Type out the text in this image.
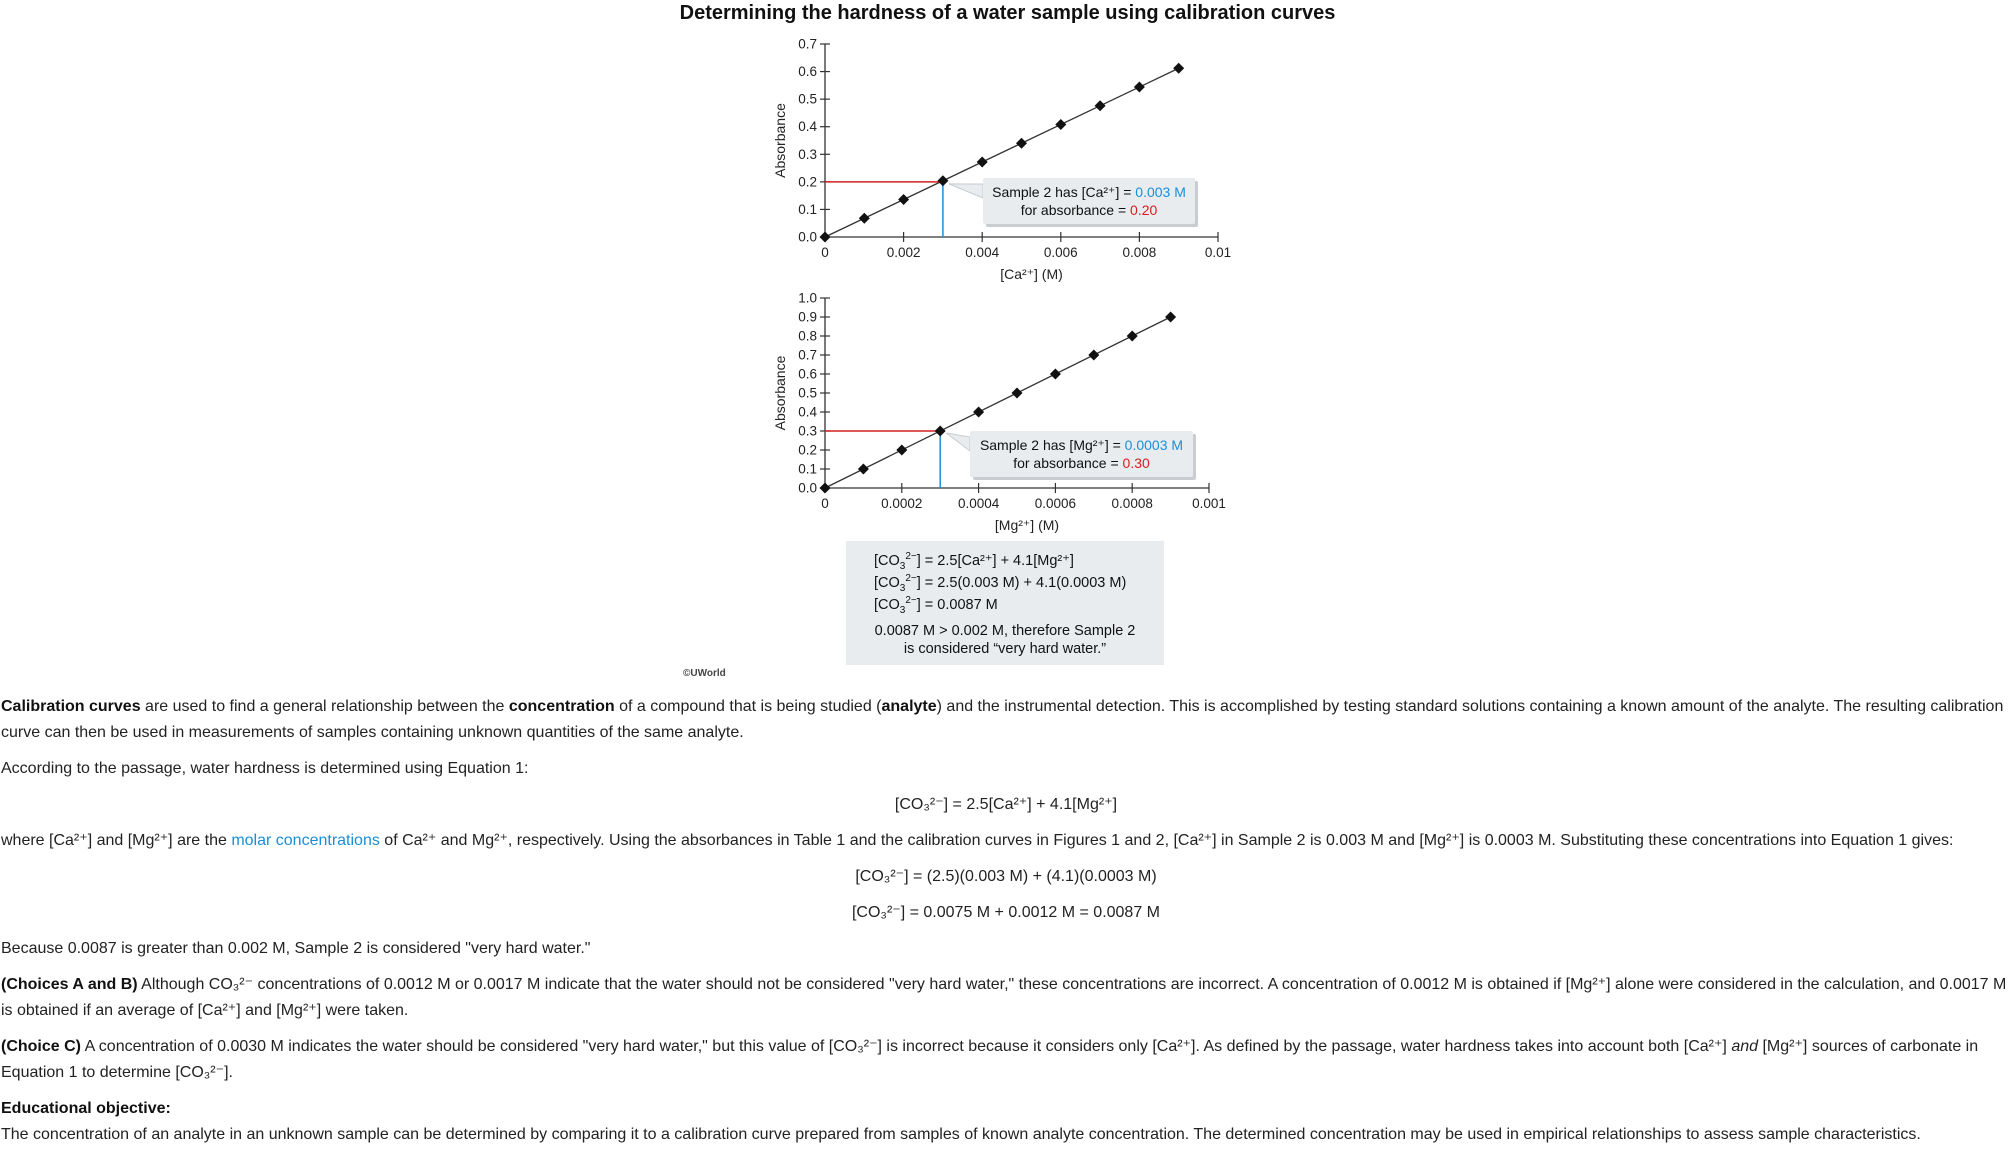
Determining the hardness of a water sample using calibration curves
0.0
0.1
0.2
0.3
0.4
0.5
0.6
0.7
0	0.002	0.004	0.006	0.008	0.01
[Ca²⁺] (M)
Absorbance
Sample 2 has [Ca²⁺] = 0.003 M
for absorbance = 0.20
0.0
0.1
0.2
0.3
0.4
0.5
0.6
0.7
0.8
0.9
1.0
0	0.0002	0.0004	0.0006	0.0008	0.001
[Mg²⁺] (M)
Absorbance
Sample 2 has [Mg²⁺] = 0.0003 M
for absorbance = 0.30
$[CO_3^{2-}] = 2.5[Ca^{2+}] + 4.1[Mg^{2+}]$
$[CO_3^{2-}] = 2.5(0.003$ M) + 4.1(0.0003 M)
$[CO_3^{2-}] = 0.0087$ M
0.0087 M > 0.002 M, therefore Sample 2
is considered “very hard water.”
©UWorld

Calibration curves are used to find a general relationship between the concentration of a compound that is being studied (analyte) and the instrumental detection. This is accomplished by testing standard solutions containing a known amount of the analyte. The resulting calibration curve can then be used in measurements of samples containing unknown quantities of the same analyte.

According to the passage, water hardness is determined using Equation 1:

[CO₃²⁻] = 2.5[Ca²⁺] + 4.1[Mg²⁺]

where [Ca²⁺] and [Mg²⁺] are the molar concentrations of Ca²⁺ and Mg²⁺, respectively. Using the absorbances in Table 1 and the calibration curves in Figures 1 and 2, [Ca²⁺] in Sample 2 is 0.003 M and [Mg²⁺] is 0.0003 M. Substituting these concentrations into Equation 1 gives:

[CO₃²⁻] = (2.5)(0.003 M) + (4.1)(0.0003 M)

[CO₃²⁻] = 0.0075 M + 0.0012 M = 0.0087 M

Because 0.0087 is greater than 0.002 M, Sample 2 is considered "very hard water."

(Choices A and B) Although CO₃²⁻ concentrations of 0.0012 M or 0.0017 M indicate that the water should not be considered "very hard water," these concentrations are incorrect. A concentration of 0.0012 M is obtained if [Mg²⁺] alone were considered in the calculation, and 0.0017 M is obtained if an average of [Ca²⁺] and [Mg²⁺] were taken.

(Choice C) A concentration of 0.0030 M indicates the water should be considered "very hard water," but this value of [CO₃²⁻] is incorrect because it considers only [Ca²⁺]. As defined by the passage, water hardness takes into account both [Ca²⁺] and [Mg²⁺] sources of carbonate in Equation 1 to determine [CO₃²⁻].

Educational objective:

The concentration of an analyte in an unknown sample can be determined by comparing it to a calibration curve prepared from samples of known analyte concentration. The determined concentration may be used in empirical relationships to assess sample characteristics.
